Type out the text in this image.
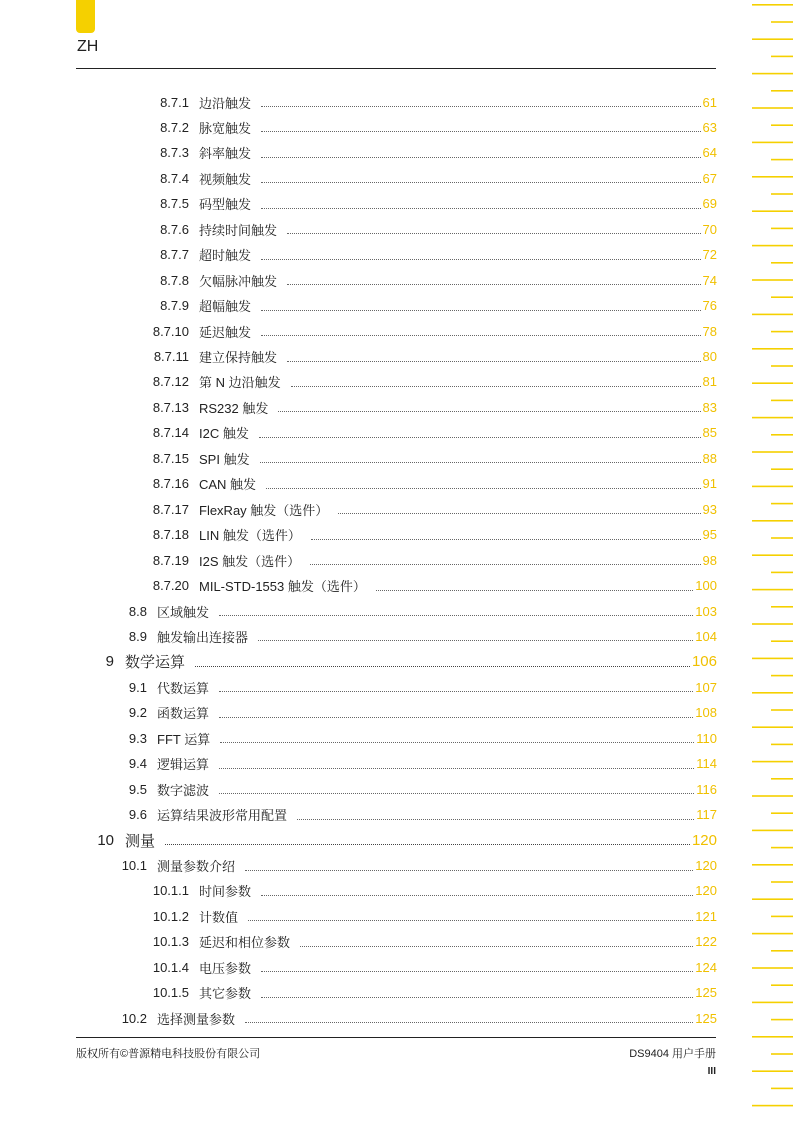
ZH
8.7.1 边沿触发	61
8.7.2 脉宽触发	63
8.7.3 斜率触发	64
8.7.4 视频触发	67
8.7.5 码型触发	69
8.7.6 持续时间触发	70
8.7.7 超时触发	72
8.7.8 欠幅脉冲触发	74
8.7.9 超幅触发	76
8.7.10 延迟触发	78
8.7.11 建立保持触发	80
8.7.12 第 N 边沿触发	81
8.7.13 RS232 触发	83
8.7.14 I2C 触发	85
8.7.15 SPI 触发	88
8.7.16 CAN 触发	91
8.7.17 FlexRay 触发（选件）	93
8.7.18 LIN 触发（选件）	95
8.7.19 I2S 触发（选件）	98
8.7.20 MIL-STD-1553 触发（选件）	100
8.8 区域触发	103
8.9 触发输出连接器	104
9 数学运算	106
9.1 代数运算	107
9.2 函数运算	108
9.3 FFT 运算	110
9.4 逻辑运算	114
9.5 数字滤波	116
9.6 运算结果波形常用配置	117
10 测量	120
10.1 测量参数介绍	120
10.1.1 时间参数	120
10.1.2 计数值	121
10.1.3 延迟和相位参数	122
10.1.4 电压参数	124
10.1.5 其它参数	125
10.2 选择测量参数	125
版权所有©普源精电科技股份有限公司	DS9404 用户手册
III
